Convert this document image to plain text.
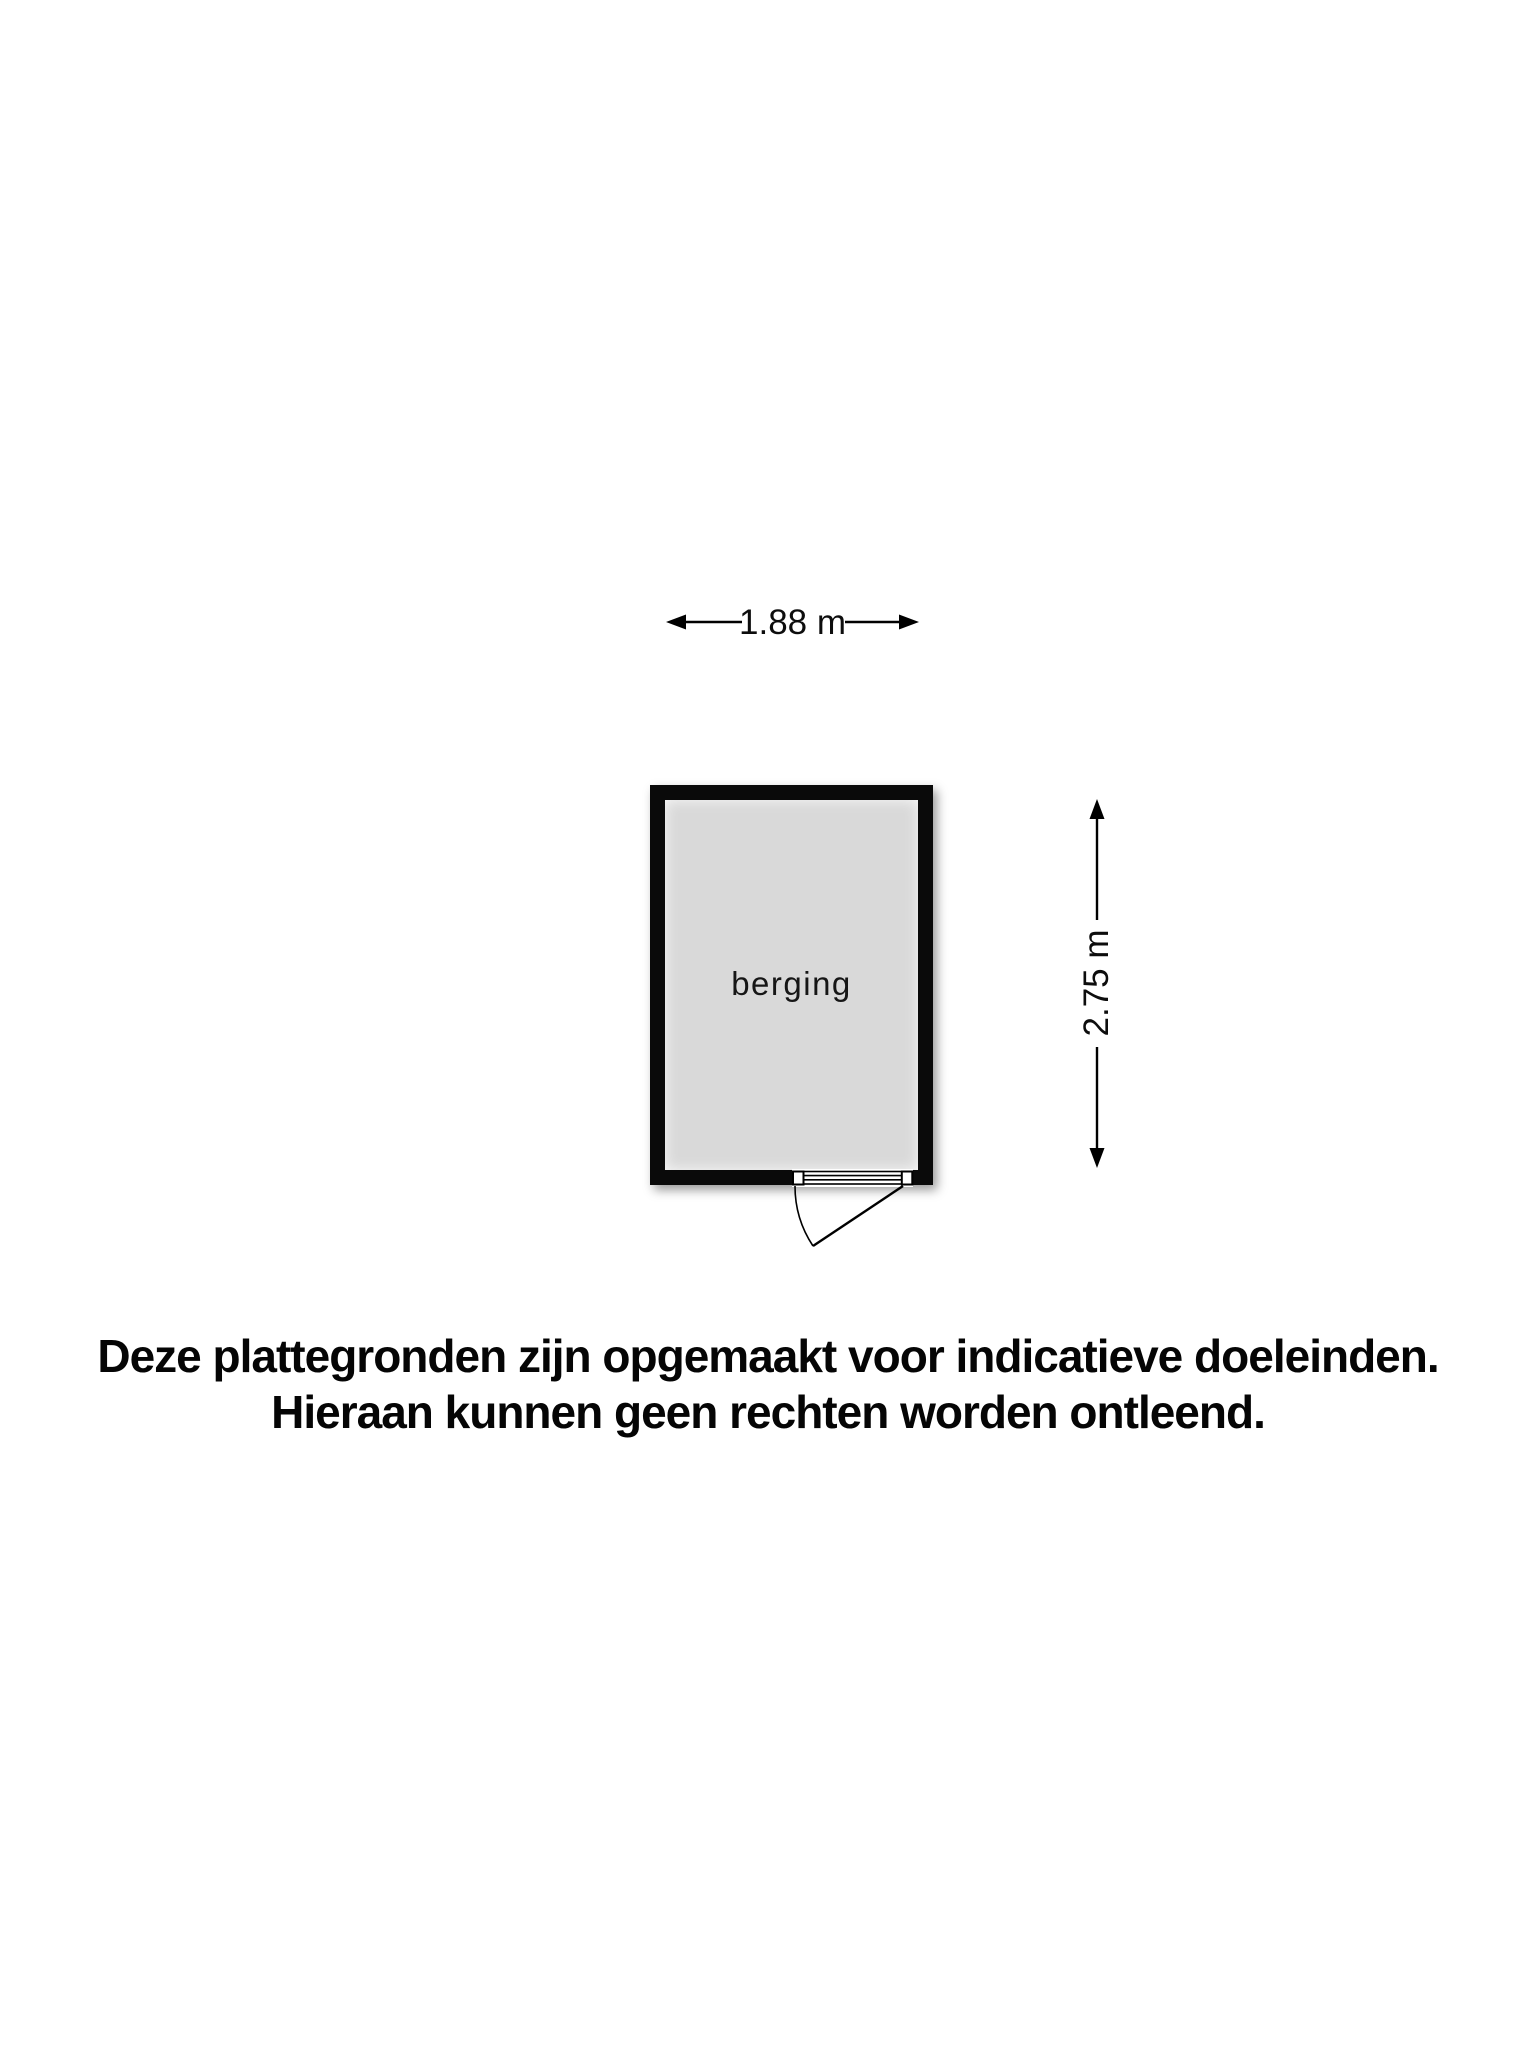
berging
1.88 m
2.75 m
Deze plattegronden zijn opgemaakt voor indicatieve doeleinden.
Hieraan kunnen geen rechten worden ontleend.
